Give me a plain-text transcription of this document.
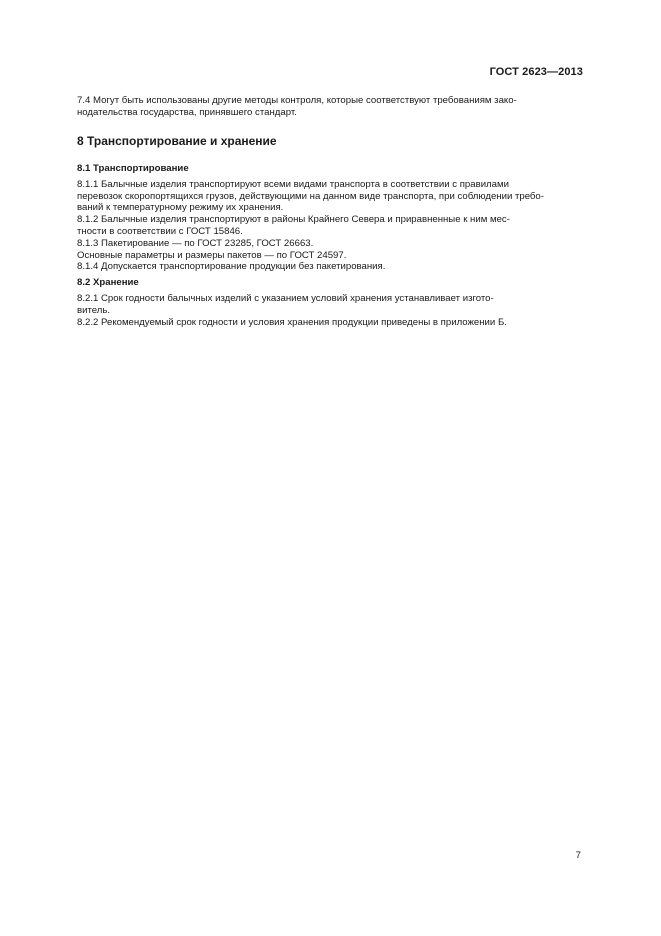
ГОСТ 2623—2013
7.4 Могут быть использованы другие методы контроля, которые соответствуют требованиям зако-
нодательства государства, принявшего стандарт.
8 Транспортирование и хранение
8.1 Транспортирование
8.1.1 Балычные изделия транспортируют всеми видами транспорта в соответствии с правилами
перевозок скоропортящихся грузов, действующими на данном виде транспорта, при соблюдении требо-
ваний к температурному режиму их хранения.
8.1.2 Балычные изделия транспортируют в районы Крайнего Севера и приравненные к ним мес-
тности в соответствии с ГОСТ 15846.
8.1.3 Пакетирование — по ГОСТ 23285, ГОСТ 26663.
Основные параметры и размеры пакетов — по ГОСТ 24597.
8.1.4 Допускается транспортирование продукции без пакетирования.
8.2 Хранение
8.2.1 Срок годности балычных изделий с указанием условий хранения устанавливает изгото-
витель.
8.2.2 Рекомендуемый срок годности и условия хранения продукции приведены в приложении Б.
7
